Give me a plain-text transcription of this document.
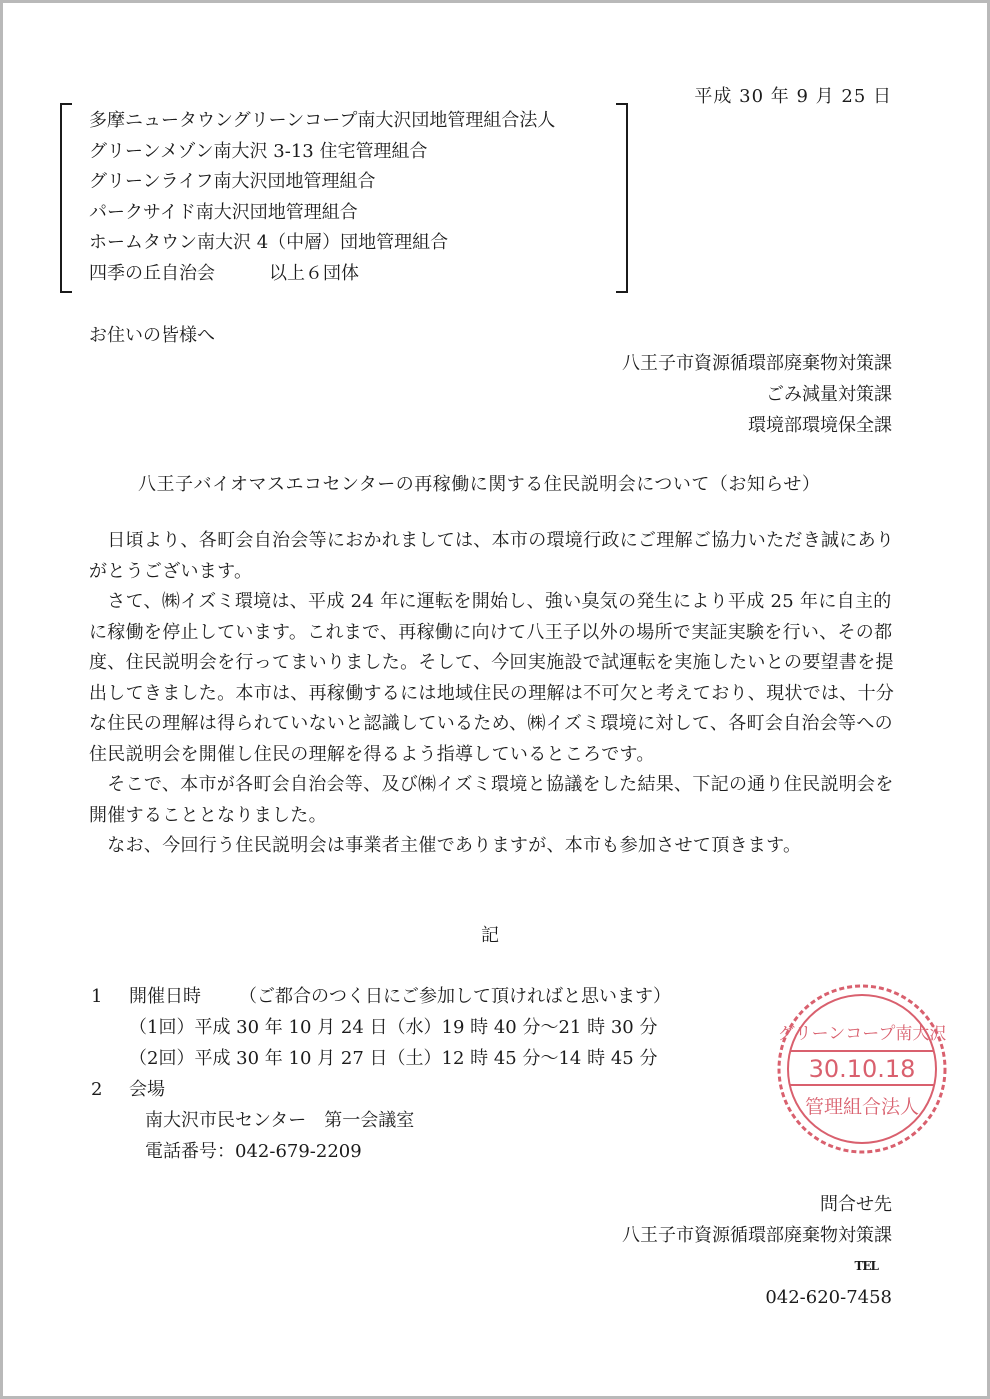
平成 30 年 9 月 25 日
多摩ニュータウングリーンコープ南大沢団地管理組合法人
グリーンメゾン南大沢 3-13 住宅管理組合
グリーンライフ南大沢団地管理組合
パークサイド南大沢団地管理組合
ホームタウン南大沢 4（中層）団地管理組合
四季の丘自治会　　　以上６団体
お住いの皆様へ
八王子市資源循環部廃棄物対策課
ごみ減量対策課
環境部環境保全課
八王子バイオマスエコセンターの再稼働に関する住民説明会について（お知らせ）

　日頃より、各町会自治会等におかれましては、本市の環境行政にご理解ご協力いただき誠にありがとうございます。

　さて、㈱イズミ環境は、平成 24 年に運転を開始し、強い臭気の発生により平成 25 年に自主的に稼働を停止しています。これまで、再稼働に向けて八王子以外の場所で実証実験を行い、その都度、住民説明会を行ってまいりました。そして、今回実施設で試運転を実施したいとの要望書を提出してきました。本市は、再稼働するには地域住民の理解は不可欠と考えており、現状では、十分な住民の理解は得られていないと認識しているため、㈱イズミ環境に対して、各町会自治会等への住民説明会を開催し住民の理解を得るよう指導しているところです。

　そこで、本市が各町会自治会等、及び㈱イズミ環境と協議をした結果、下記の通り住民説明会を開催することとなりました。

　なお、今回行う住民説明会は事業者主催でありますが、本市も参加させて頂きます。

記
1 開催日時 （ご都合のつく日にご参加して頂ければと思います）
（1回）平成 30 年 10 月 24 日（水）19 時 40 分～21 時 30 分
（2回）平成 30 年 10 月 27 日（土）12 時 45 分～14 時 45 分
2 会場
南大沢市民センター　第一会議室
電話番号：042-679-2209
問合せ先
八王子市資源循環部廃棄物対策課
TEL
042-620-7458
グリーンコープ南大沢
30.10.18
管理組合法人
